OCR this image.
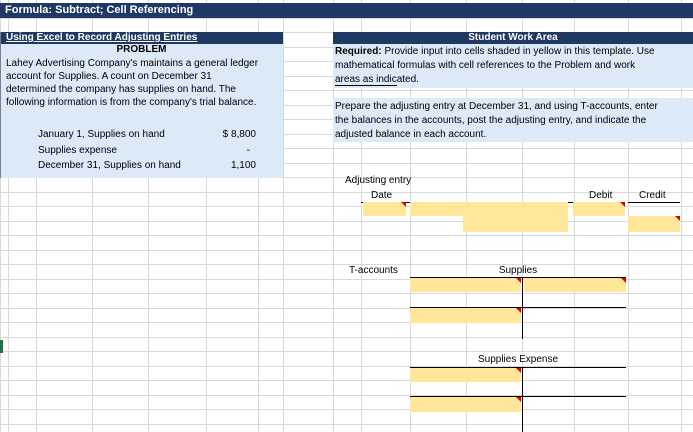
Formula: Subtract; Cell Referencing
Using Excel to Record Adjusting Entries
PROBLEM
Lahey Advertising Company's maintains a general ledger
account for Supplies. A count on December 31
determined the company has supplies on hand. The
following information is from the company's trial balance.
January 1, Supplies on hand	$ 8,800
Supplies expense	-
December 31, Supplies on hand	1,100
Student Work Area
Required: Provide input into cells shaded in yellow in this template. Use
mathematical formulas with cell references to the Problem and work
areas as indicated.
Prepare the adjusting entry at December 31, and using T-accounts, enter
the balances in the accounts, post the adjusting entry, and indicate the
adjusted balance in each account.
Adjusting entry
Date	Debit	Credit
T-accounts	Supplies
Supplies Expense
